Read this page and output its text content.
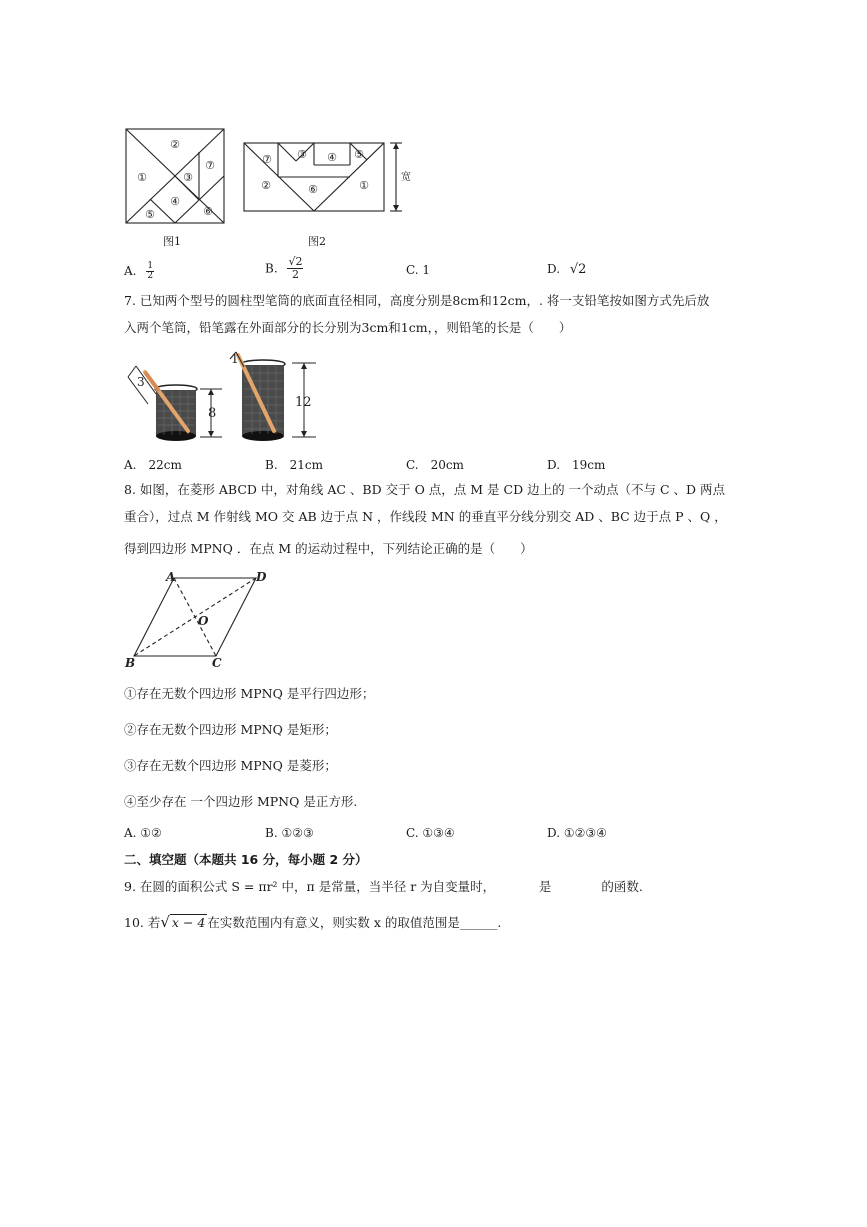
②
①
⑦
③
④
⑤	⑥
图1
⑦ ③ ④ ⑤
②	⑥	①
宽
图2
A. $\frac{1}{2}$	B. $\frac{√2}{2}$	C. 1	D. √2
7. 已知两个型号的圆柱型笔筒的底面直径相同，高度分别是8cm和12cm，. 将一支铅笔按如图方式先后放
入两个笔筒，铅笔露在外面部分的长分别为3cm和1cm，，则铅笔的长是（　　）
3
8
1
12
A.　22cm	B.　21cm	C.　20cm	D.　19cm
8. 如图，在菱形 ABCD 中，对角线 AC 、BD 交于 O 点，点 M 是 CD 边上的 一个动点（不与 C 、D 两点
重合），过点 M 作射线 MO 交 AB 边于点 N ，作线段 MN 的垂直平分线分别交 AD 、BC 边于点 P 、Q ，
得到四边形 MPNQ ．在点 M 的运动过程中，下列结论正确的是（　　）
A	D
O
B	C
①存在无数个四边形 MPNQ 是平行四边形；
②存在无数个四边形 MPNQ 是矩形；
③存在无数个四边形 MPNQ 是菱形；
④至少存在 一个四边形 MPNQ 是正方形.
A. ①②	B. ①②③	C. ①③④	D. ①②③④
二、填空题（本题共 16 分，每小题 2 分）
9. 在圆的面积公式 S = πr² 中，π 是常量，当半径 r 为自变量时，　　　　是　　　　的函数.
10. 若√ x − 4 在实数范围内有意义，则实数 x 的取值范围是______.
